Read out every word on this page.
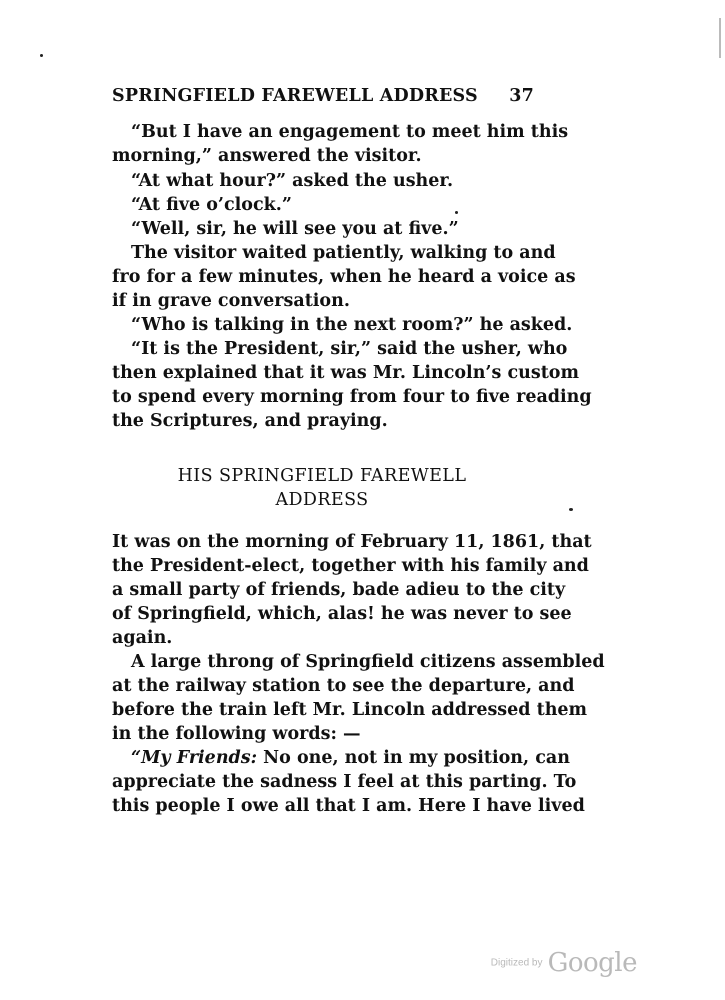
SPRINGFIELD FAREWELL ADDRESS 37
“But I have an engagement to meet him this
morning,” answered the visitor.
“At what hour?” asked the usher.
“At five o’clock.”
“Well, sir, he will see you at five.”
The visitor waited patiently, walking to and
fro for a few minutes, when he heard a voice as
if in grave conversation.
“Who is talking in the next room?” he asked.
“It is the President, sir,” said the usher, who
then explained that it was Mr. Lincoln’s custom
to spend every morning from four to five reading
the Scriptures, and praying.
HIS SPRINGFIELD FAREWELL
ADDRESS
It was on the morning of February 11, 1861, that
the President-elect, together with his family and
a small party of friends, bade adieu to the city
of Springfield, which, alas! he was never to see
again.
A large throng of Springfield citizens assembled
at the railway station to see the departure, and
before the train left Mr. Lincoln addressed them
in the following words: —
“My Friends: No one, not in my position, can
appreciate the sadness I feel at this parting. To
this people I owe all that I am. Here I have lived
Digitized by Google
